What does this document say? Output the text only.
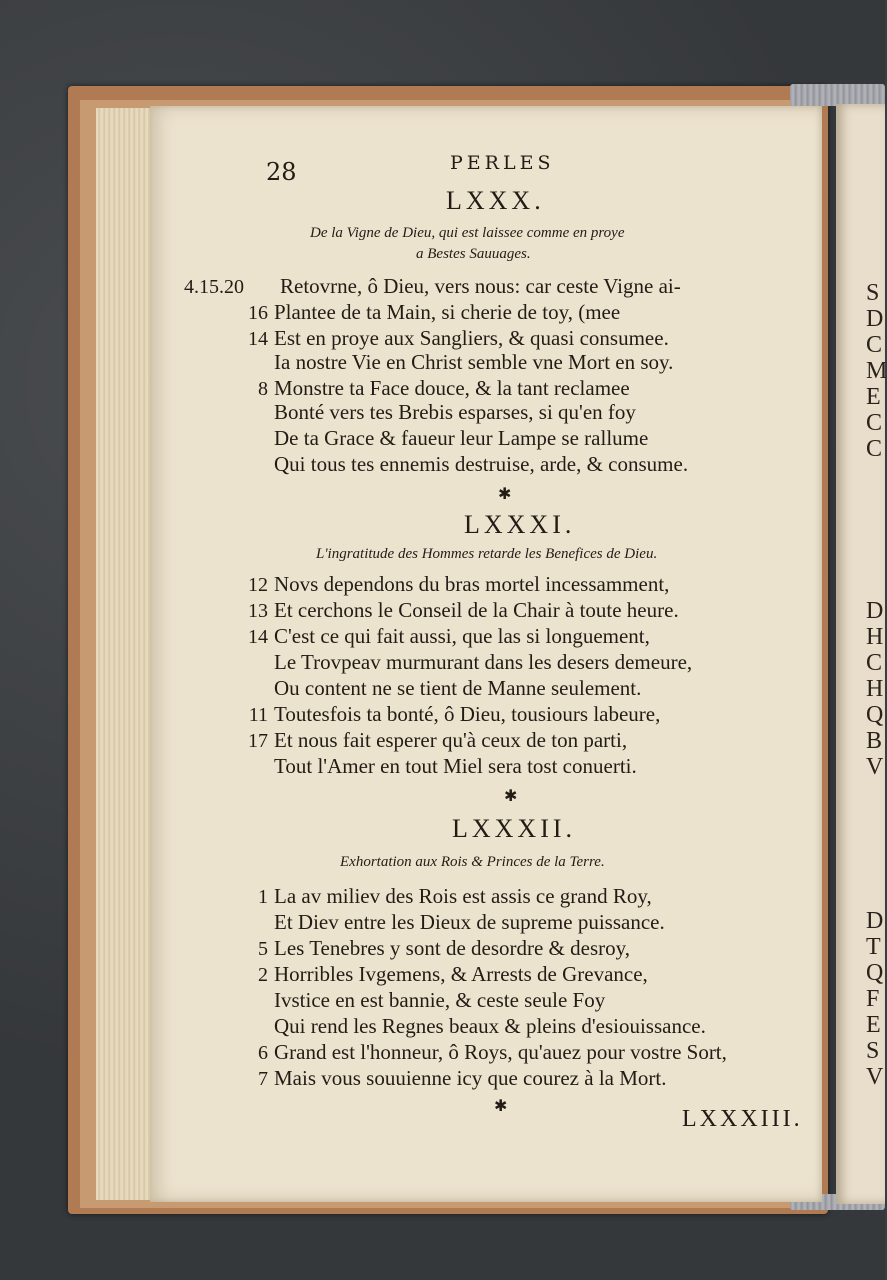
S
D
C
M
E
C
C
D
H
C
H
Q
B
V
D
T
Q
F
E
S
V
28	PERLES
LXXX.
De la Vigne de Dieu, qui est laissee comme en proye
a Bestes Sauuages.
4.15.20 Retovrne, ô Dieu, vers nous: car ceste Vigne ai-
16 Plantee de ta Main, si cherie de toy, (mee
14 Est en proye aux Sangliers, & quasi consumee.
Ia nostre Vie en Christ semble vne Mort en soy.
8 Monstre ta Face douce, & la tant reclamee
Bonté vers tes Brebis esparses, si qu'en foy
De ta Grace & faueur leur Lampe se rallume
Qui tous tes ennemis destruise, arde, & consume.
✱
LXXXI.
L'ingratitude des Hommes retarde les Benefices de Dieu.
12 Novs dependons du bras mortel incessamment,
13 Et cerchons le Conseil de la Chair à toute heure.
14 C'est ce qui fait aussi, que las si longuement,
Le Trovpeav murmurant dans les desers demeure,
Ou content ne se tient de Manne seulement.
11 Toutesfois ta bonté, ô Dieu, tousiours labeure,
17 Et nous fait esperer qu'à ceux de ton parti,
Tout l'Amer en tout Miel sera tost conuerti.
✱
LXXXII.
Exhortation aux Rois & Princes de la Terre.
1 La av miliev des Rois est assis ce grand Roy,
Et Diev entre les Dieux de supreme puissance.
5 Les Tenebres y sont de desordre & desroy,
2 Horribles Ivgemens, & Arrests de Grevance,
Ivstice en est bannie, & ceste seule Foy
Qui rend les Regnes beaux & pleins d'esiouissance.
6 Grand est l'honneur, ô Roys, qu'auez pour vostre Sort,
7 Mais vous souuienne icy que courez à la Mort.
✱
LXXXIII.
